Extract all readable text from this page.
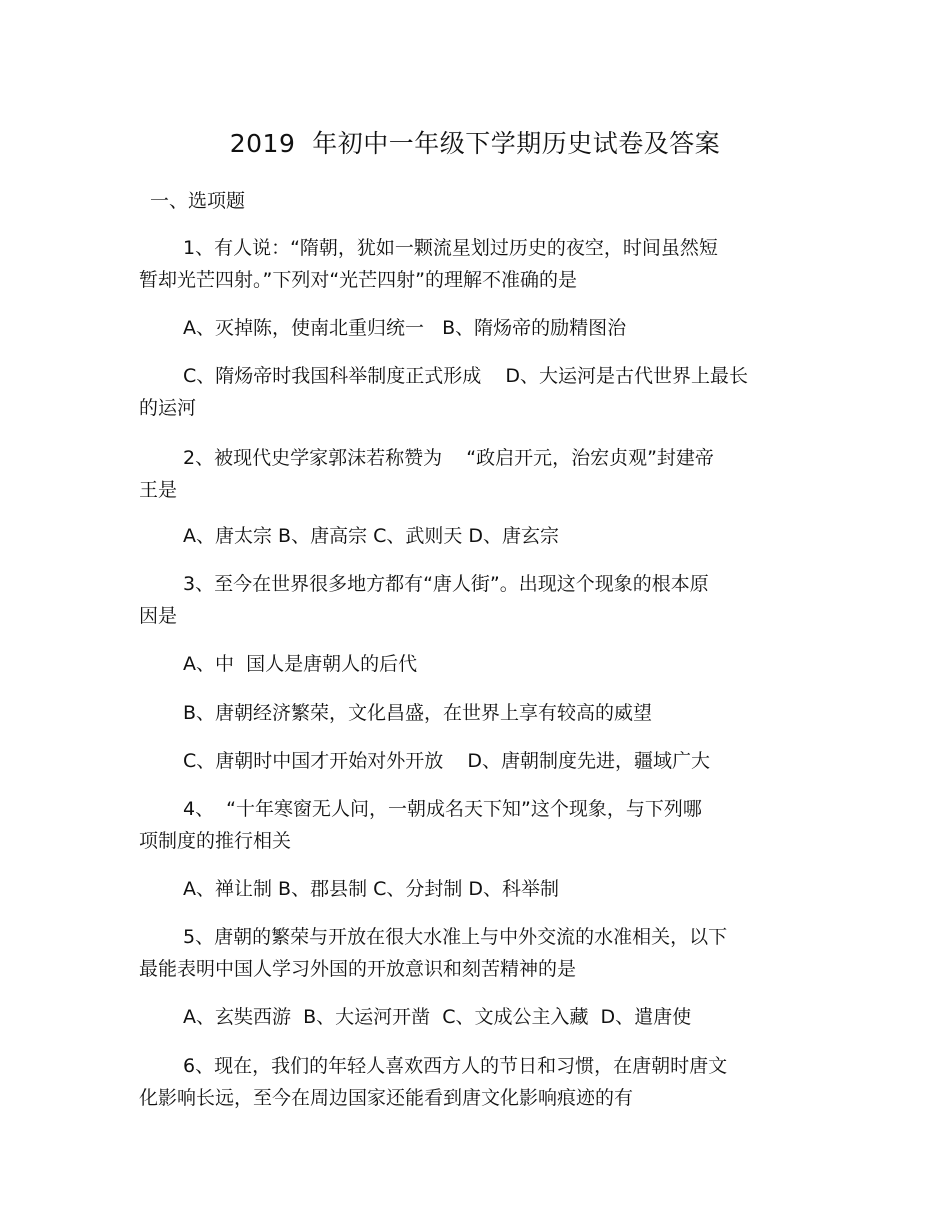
2019  年初中一年级下学期历史试卷及答案
一、选项题
1、有人说：“隋朝，犹如一颗流星划过历史的夜空，时间虽然短
暂却光芒四射。”下列对“光芒四射”的理解不准确的是
A、灭掉陈，使南北重归统一   B、隋炀帝的励精图治
C、隋炀帝时我国科举制度正式形成    D、大运河是古代世界上最长
的运河
2、被现代史学家郭沫若称赞为    “政启开元，治宏贞观”封建帝
王是
A、唐太宗 B、唐高宗 C、武则天 D、唐玄宗
3、至今在世界很多地方都有“唐人街”。出现这个现象的根本原
因是
A、中  国人是唐朝人的后代
B、唐朝经济繁荣，文化昌盛，在世界上享有较高的威望
C、唐朝时中国才开始对外开放    D、唐朝制度先进，疆域广大
4、  “十年寒窗无人问，一朝成名天下知”这个现象，与下列哪
项制度的推行相关
A、禅让制 B、郡县制 C、分封制 D、科举制
5、唐朝的繁荣与开放在很大水准上与中外交流的水准相关，以下
最能表明中国人学习外国的开放意识和刻苦精神的是
A、玄奘西游  B、大运河开凿  C、文成公主入藏  D、遣唐使
6、现在，我们的年轻人喜欢西方人的节日和习惯，在唐朝时唐文
化影响长远，至今在周边国家还能看到唐文化影响痕迹的有
